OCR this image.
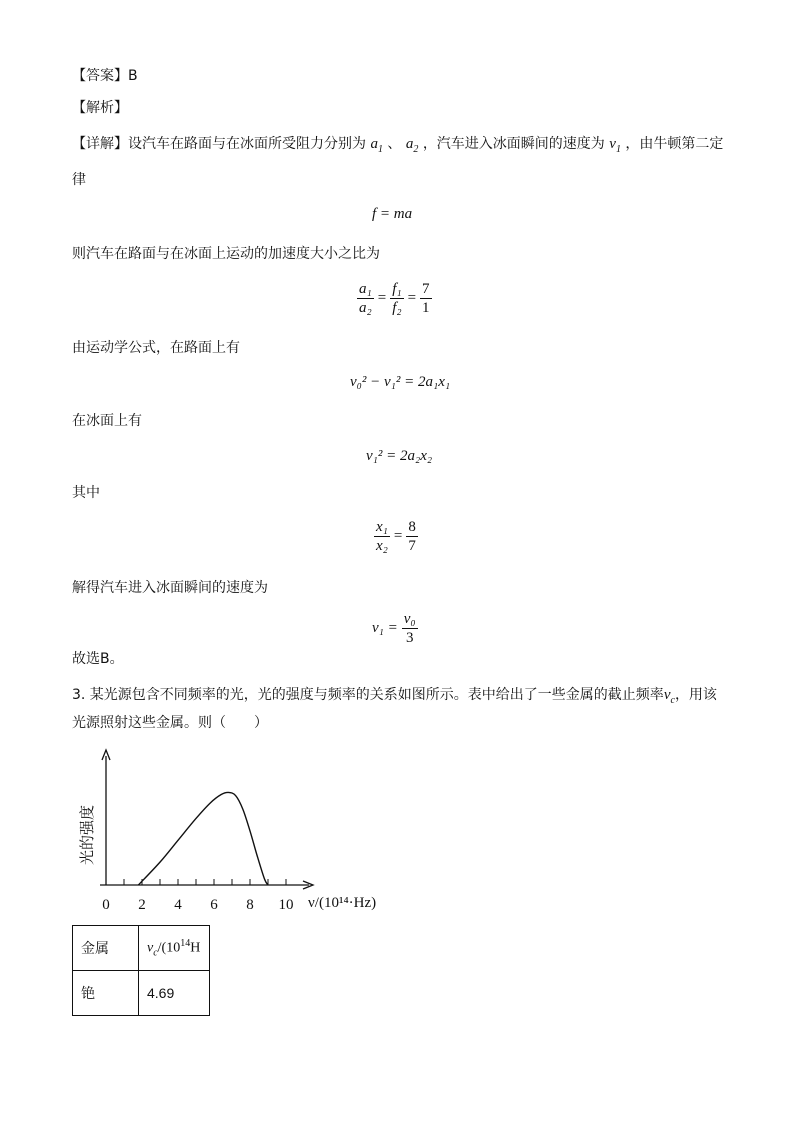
【答案】B
【解析】
【详解】设汽车在路面与在冰面所受阻力分别为 $a_1$ 、 $a_2$ ，汽车进入冰面瞬间的速度为 $v_1$ ，由牛顿第二定
律
f = ma
则汽车在路面与在冰面上运动的加速度大小之比为
$\frac{\text{a₁}}{\text{a₂}} = \frac{\text{f₁}}{\text{f₂}} = \frac{7}{1}$
由运动学公式，在路面上有
v₀² − v₁² = 2a₁x₁
在冰面上有
v₁² = 2a₂x₂
其中
$\frac{\text{x₁}}{\text{x₂}} = \frac{8}{7}$
解得汽车进入冰面瞬间的速度为
$v_1 = \frac{\text{v₀}}{3}$
故选B。
3. 某光源包含不同频率的光，光的强度与频率的关系如图所示。表中给出了一些金属的截止频率$\nu_c$，用该
光源照射这些金属。则（　　）
0 2 4 6 8 10
光的强度
ν/(10¹⁴·Hz)
金属	$\nu_c/(10^{14}H$
铯	4.69
